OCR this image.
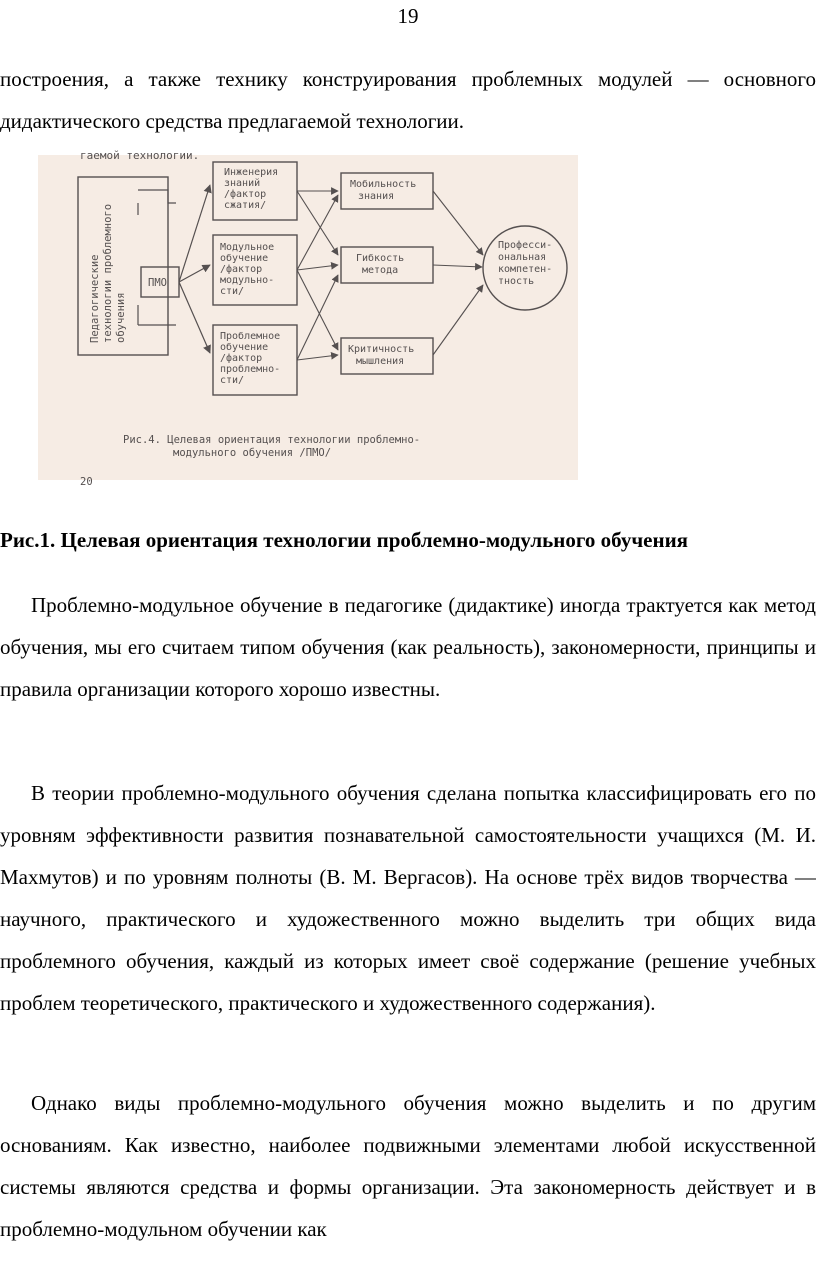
19

построения, а также технику конструирования проблемных модулей — основного дидактического средства предлагаемой технологии.

гаемой технологии.
Педагогические технологии проблемного обучения
ПМО
Инженерия знаний /фактор сжатия/
Модульное обучение /фактор модульно-сти/
Проблемное обучение /фактор проблемно-сти/
Мобильность знания
Гибкость метода
Критичность мышления
Професси-ональная компетен-тность
Рис.4. Целевая ориентация технологии проблемно-
модульного обучения /ПМО/
20
Рис.1. Целевая ориентация технологии проблемно-модульного обучения

Проблемно-модульное обучение в педагогике (дидактике) иногда трактуется как метод обучения, мы его считаем типом обучения (как реальность), закономерности, принципы и правила организации которого хорошо известны.

В теории проблемно-модульного обучения сделана попытка классифицировать его по уровням эффективности развития познавательной самостоятельности учащихся (М. И. Махмутов) и по уровням полноты (В. М. Вергасов). На основе трёх видов творчества — научного, практического и художественного можно выделить три общих вида проблемного обучения, каждый из которых имеет своё содержание (решение учебных проблем теоретического, практического и художественного содержания).

Однако виды проблемно-модульного обучения можно выделить и по другим основаниям. Как известно, наиболее подвижными элементами любой искусственной системы являются средства и формы организации. Эта закономерность действует и в проблемно-модульном обучении как
